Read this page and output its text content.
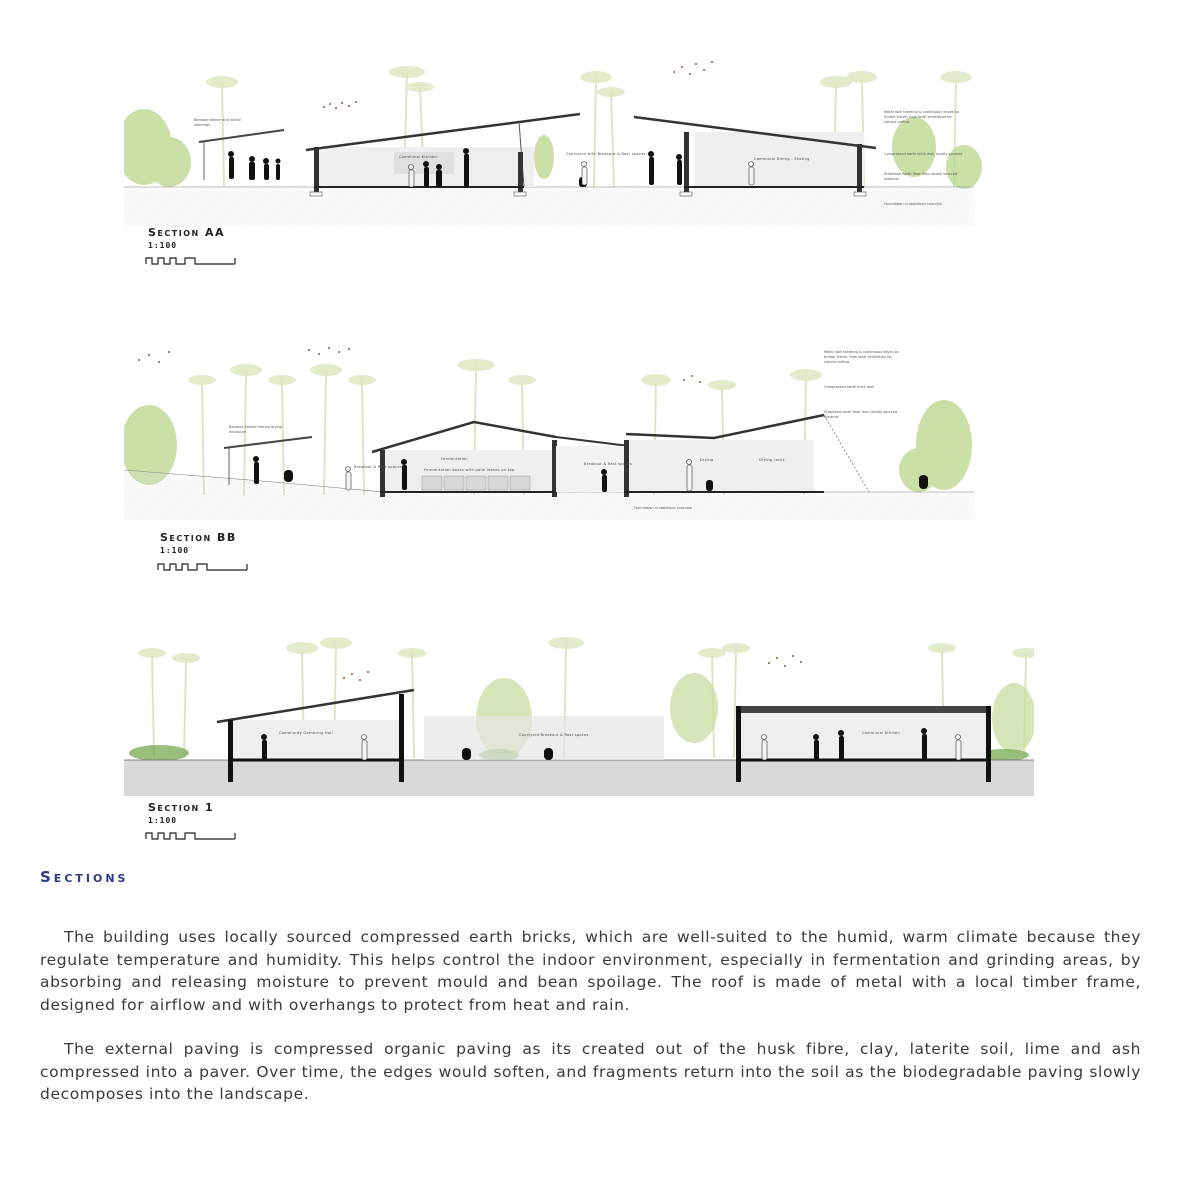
Communal Kitchen
Courtyard with Breakout & Rest spaces
Communal Dining - Seating
Bamboo timber and lattice openings
Metal roof sheeting & continuous eaves on timber frame, high level ventilation for natural airflow
Compressed earth brick wall, locally sourced
Stabilised earth floor from locally sourced material
Foundation in stabilised concrete
Section AA
1:100
Fermentation
Fermentation boxes with palm leaves on top
Breakout & Rest spaces
Breakout & Rest spaces
Drying	Drying racks
Bamboo timber framed drying enclosure
Metal roof sheeting & continuous eaves on timber frame, high level ventilation for natural airflow
Compressed earth brick wall
Stabilised earth floor from locally sourced material
Foundation in stabilised concrete
Section BB
1:100
Community Gathering Hall	Courtyard Breakout & Rest spaces	Communal Kitchen
Section 1
1:100
Sections

The building uses locally sourced compressed earth bricks, which are well-suited to the humid, warm climate because they regulate temperature and humidity. This helps control the indoor environment, especially in fermentation and grinding areas, by absorbing and releasing moisture to prevent mould and bean spoilage. The roof is made of metal with a local timber frame, designed for airflow and with overhangs to protect from heat and rain.

The external paving is compressed organic paving as its created out of the husk fibre, clay, laterite soil, lime and ash compressed into a paver. Over time, the edges would soften, and fragments return into the soil as the biodegradable paving slowly decomposes into the landscape.
